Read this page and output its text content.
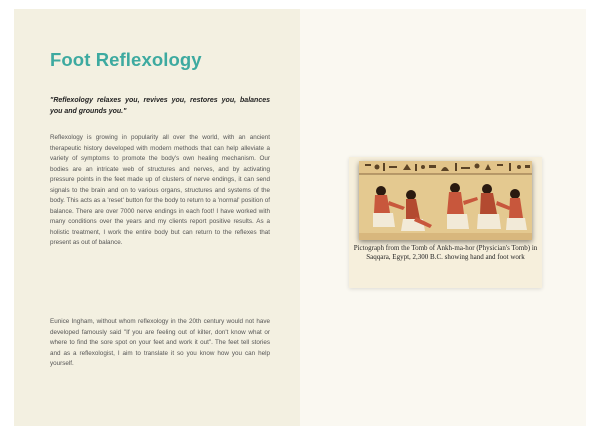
Foot Reflexology
"Reflexology relaxes you, revives you, restores you, balances you and grounds you."

Reflexology is growing in popularity all over the world, with an ancient therapeutic history developed with modern methods that can help alleviate a variety of symptoms to promote the body's own healing mechanism. Our bodies are an intricate web of structures and nerves, and by activating pressure points in the feet made up of clusters of nerve endings, it can send signals to the brain and on to various organs, structures and systems of the body. This acts as a 'reset' button for the body to return to a 'normal' position of balance. There are over 7000 nerve endings in each foot! I have worked with many conditions over the years and my clients report positive results. As a holistic treatment, I work the entire body but can return to the reflexes that present as out of balance.

Eunice Ingham, without whom reflexology in the 20th century would not have developed famously said "If you are feeling out of kilter, don't know what or where to find the sore spot on your feet and work it out". The feet tell stories and as a reflexologist, I aim to translate it so you know how you can help yourself.

Pictograph from the Tomb of Ankh-ma-hor (Physician's Tomb) in Saqqara, Egypt, 2,300 B.C. showing hand and foot work
